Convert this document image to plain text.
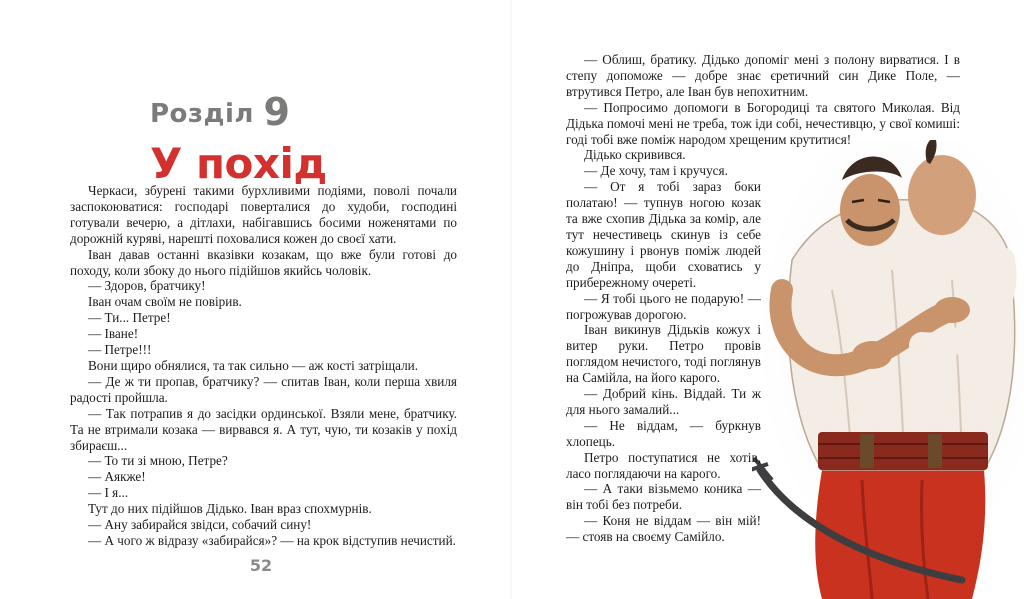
Розділ 9
У похід

Черкаси, збурені такими бурхливими подіями, поволі почали заспокоюватися: господарі поверталися до худоби, господині готували вечерю, а дітлахи, набігавшись босими ноженятами по дорожній куряві, нарешті поховалися кожен до своєї хати.

Іван давав останні вказівки козакам, що вже були готові до походу, коли збоку до нього підійшов якийсь чоловік.

— Здоров, братчику!

Іван очам своїм не повірив.

— Ти... Петре!

— Іване!

— Петре!!!

Вони щиро обнялися, та так сильно — аж кості затріщали.

— Де ж ти пропав, братчику? — спитав Іван, коли перша хвиля радості пройшла.

— Так потрапив я до засідки ординської. Взяли мене, братчику. Та не втримали козака — вирвався я. А тут, чую, ти козаків у похід збираєш...

— То ти зі мною, Петре?

— Аякже!

— І я...

Тут до них підійшов Дідько. Іван враз спохмурнів.

— Ану забирайся звідси, собачий сину!

— А чого ж відразу «забирайся»? — на крок відступив нечистий.

52

— Облиш, братику. Дідько допоміг мені з полону вирватися. І в степу допоможе — добре знає єретичний син Дике Поле, — втрутився Петро, але Іван був непохитним.

— Попросимо допомоги в Богородиці та святого Миколая. Від Дідька помочі мені не треба, тож іди собі, нечестивцю, у свої комиші: годі тобі вже поміж народом хрещеним крутитися!

Дідько скривився.

— Де хочу, там і кручуся.

— От я тобі зараз боки полатаю! — тупнув ногою козак та вже схопив Дідька за комір, але тут нечестивець скинув із себе кожушину і рвонув поміж людей до Дніпра, щоби сховатись у прибережному очереті.

— Я тобі цього не подарую! — погрожував дорогою.

Іван викинув Дідьків кожух і витер руки. Петро провів поглядом нечистого, тоді поглянув на Самійла, на його карого.

— Добрий кінь. Віддай. Ти ж для нього замалий...

— Не віддам, — буркнув хлопець.

Петро поступатися не хотів, ласо поглядаючи на карого.

— А таки візьмемо коника — він тобі без потреби.

— Коня не віддам — він мій! — стояв на своєму Самійло.
